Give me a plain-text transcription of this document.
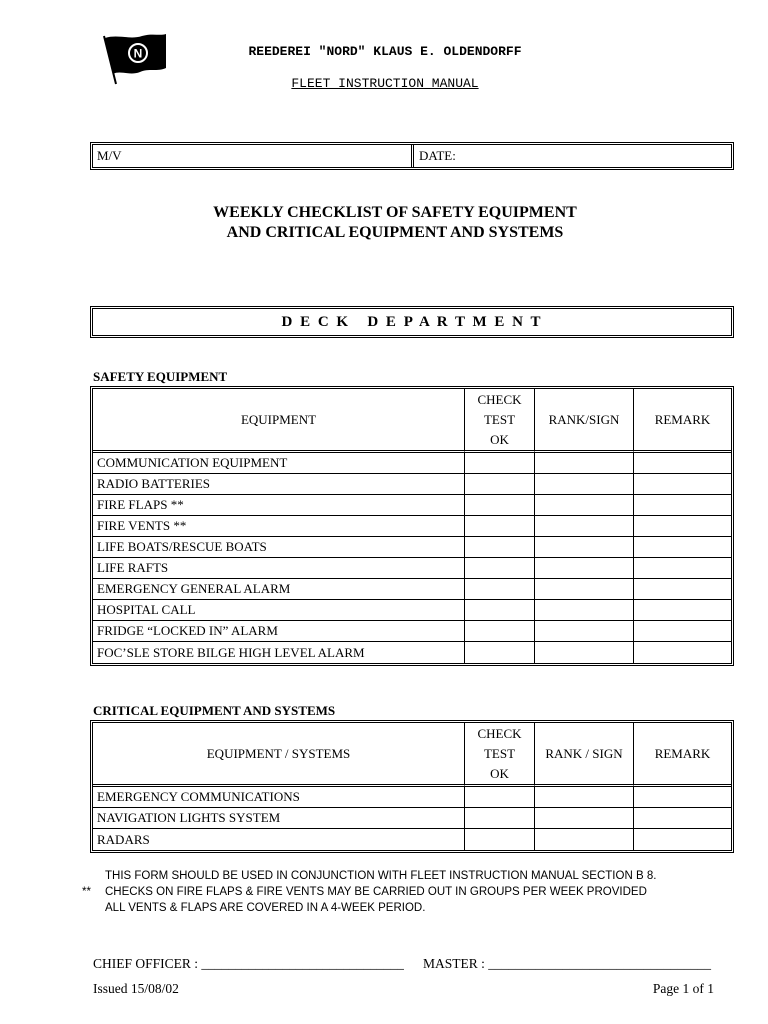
N	REEDEREI "NORD" KLAUS E. OLDENDORFF
FLEET INSTRUCTION MANUAL
M/V	DATE:
WEEKLY CHECKLIST OF SAFETY EQUIPMENT
AND CRITICAL EQUIPMENT AND SYSTEMS
D E C K   D E P A R T M E N T
SAFETY EQUIPMENT
EQUIPMENT	CHECK
TEST
OK	RANK/SIGN	REMARK
COMMUNICATION EQUIPMENT			
RADIO BATTERIES			
FIRE FLAPS **			
FIRE VENTS **			
LIFE BOATS/RESCUE BOATS			
LIFE RAFTS			
EMERGENCY GENERAL ALARM			
HOSPITAL CALL			
FRIDGE “LOCKED IN” ALARM			
FOC’SLE STORE BILGE HIGH LEVEL ALARM			
CRITICAL EQUIPMENT AND SYSTEMS
EQUIPMENT / SYSTEMS	CHECK
TEST
OK	RANK / SIGN	REMARK
EMERGENCY COMMUNICATIONS			
NAVIGATION LIGHTS SYSTEM			
RADARS			
THIS FORM SHOULD BE USED IN CONJUNCTION WITH FLEET INSTRUCTION MANUAL SECTION B 8.
**	CHECKS ON FIRE FLAPS & FIRE VENTS MAY BE CARRIED OUT IN GROUPS PER WEEK PROVIDED
ALL VENTS & FLAPS ARE COVERED IN A 4-WEEK PERIOD.
CHIEF OFFICER : ______________________________ MASTER : _________________________________
Issued 15/08/02	Page 1 of 1
